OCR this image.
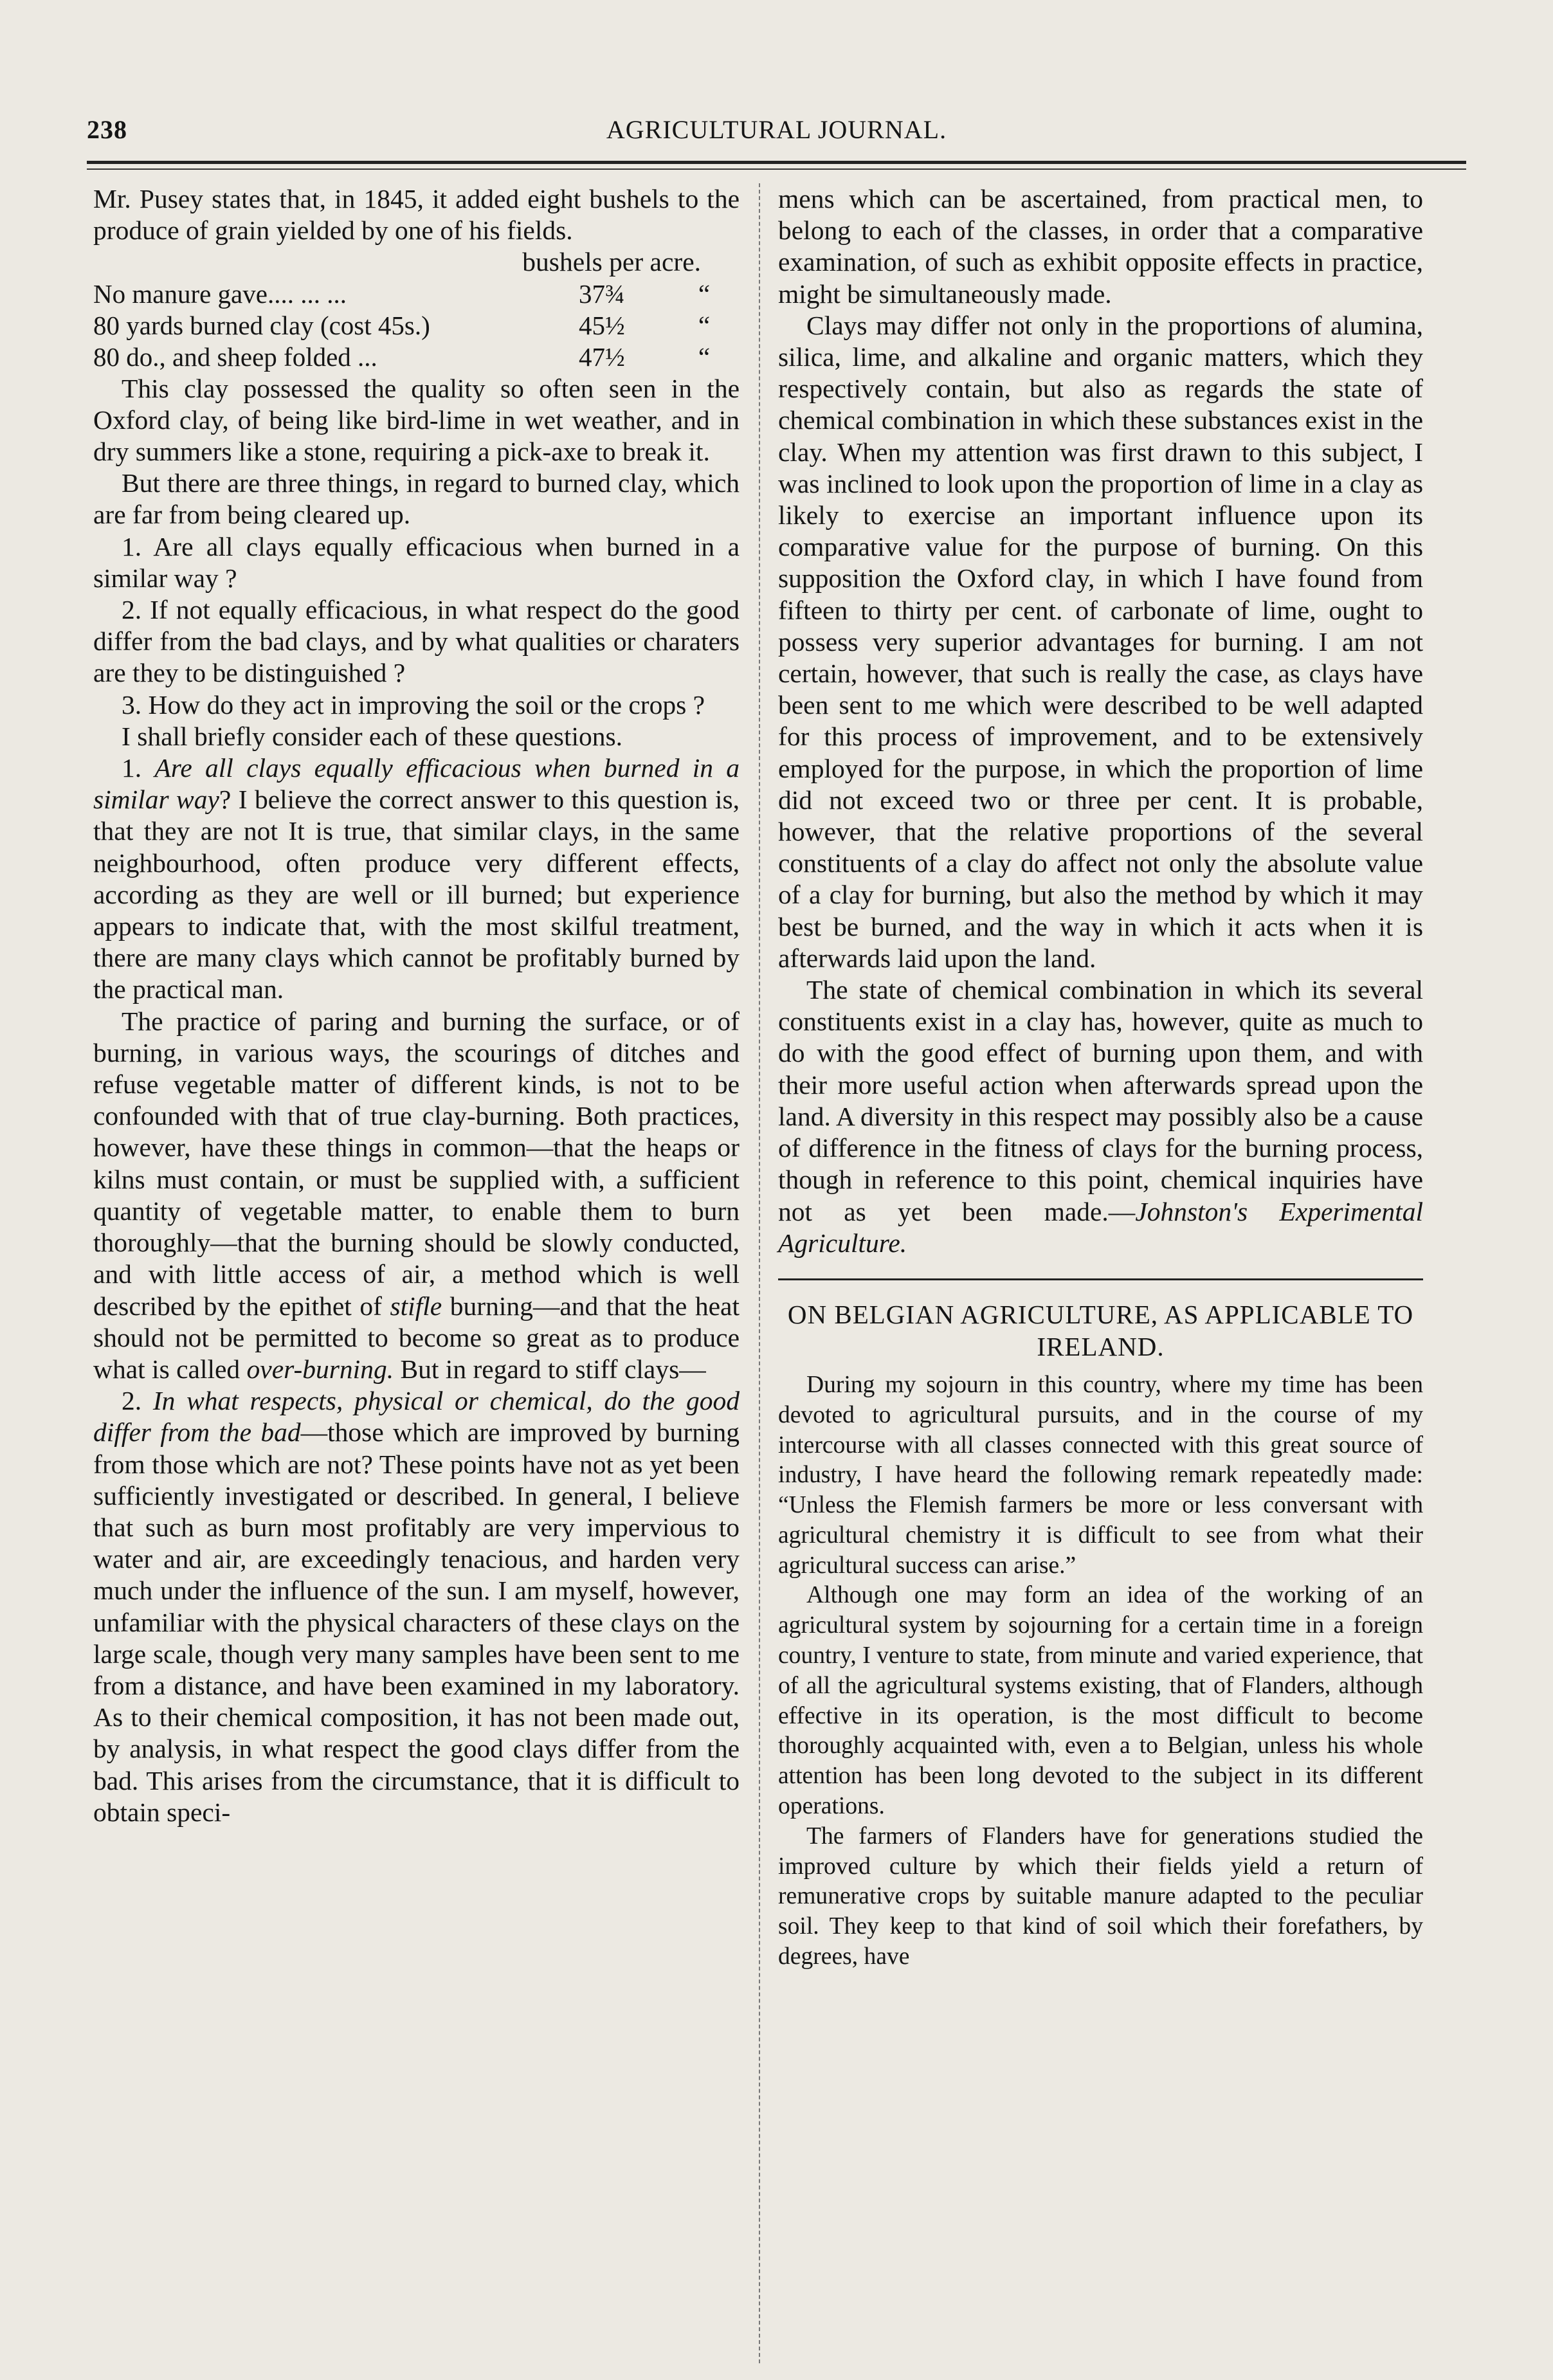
238	AGRICULTURAL JOURNAL.

Mr. Pusey states that, in 1845, it added eight bushels to the produce of grain yielded by one of his fields.

bushels per acre.
No manure gave.... ... ...	37¾	“
80 yards burned clay (cost 45s.)	45½	“
80 do., and sheep folded ...	47½	“

This clay possessed the quality so often seen in the Oxford clay, of being like bird-lime in wet weather, and in dry summers like a stone, requiring a pick-axe to break it.

But there are three things, in regard to burned clay, which are far from being cleared up.

1. Are all clays equally efficacious when burned in a similar way ?

2. If not equally efficacious, in what respect do the good differ from the bad clays, and by what qualities or charaters are they to be distinguished ?

3. How do they act in improving the soil or the crops ?

I shall briefly consider each of these questions.

1. Are all clays equally efficacious when burned in a similar way? I believe the correct answer to this question is, that they are not It is true, that similar clays, in the same neighbourhood, often produce very different effects, according as they are well or ill burned; but experience appears to indicate that, with the most skilful treatment, there are many clays which cannot be profitably burned by the practical man.

The practice of paring and burning the surface, or of burning, in various ways, the scourings of ditches and refuse vegetable matter of different kinds, is not to be confounded with that of true clay-burning. Both practices, however, have these things in common—that the heaps or kilns must contain, or must be supplied with, a sufficient quantity of vegetable matter, to enable them to burn thoroughly—that the burning should be slowly conducted, and with little access of air, a method which is well described by the epithet of stifle burning—and that the heat should not be permitted to become so great as to produce what is called over-burning. But in regard to stiff clays—

2. In what respects, physical or chemical, do the good differ from the bad—those which are improved by burning from those which are not? These points have not as yet been sufficiently investigated or described. In general, I believe that such as burn most profitably are very impervious to water and air, are exceedingly tenacious, and harden very much under the influence of the sun. I am myself, however, unfamiliar with the physical characters of these clays on the large scale, though very many samples have been sent to me from a distance, and have been examined in my laboratory. As to their chemical composition, it has not been made out, by analysis, in what respect the good clays differ from the bad. This arises from the circumstance, that it is difficult to obtain speci-

mens which can be ascertained, from practical men, to belong to each of the classes, in order that a comparative examination, of such as exhibit opposite effects in practice, might be simultaneously made.

Clays may differ not only in the proportions of alumina, silica, lime, and alkaline and organic matters, which they respectively contain, but also as regards the state of chemical combination in which these substances exist in the clay. When my attention was first drawn to this subject, I was inclined to look upon the proportion of lime in a clay as likely to exercise an important influence upon its comparative value for the purpose of burning. On this supposition the Oxford clay, in which I have found from fifteen to thirty per cent. of carbonate of lime, ought to possess very superior advantages for burning. I am not certain, however, that such is really the case, as clays have been sent to me which were described to be well adapted for this process of improvement, and to be extensively employed for the purpose, in which the proportion of lime did not exceed two or three per cent. It is probable, however, that the relative proportions of the several constituents of a clay do affect not only the absolute value of a clay for burning, but also the method by which it may best be burned, and the way in which it acts when it is afterwards laid upon the land.

The state of chemical combination in which its several constituents exist in a clay has, however, quite as much to do with the good effect of burning upon them, and with their more useful action when afterwards spread upon the land. A diversity in this respect may possibly also be a cause of difference in the fitness of clays for the burning process, though in reference to this point, chemical inquiries have not as yet been made.—Johnston's Experimental Agriculture.

ON BELGIAN AGRICULTURE, AS APPLICABLE TO IRELAND.

During my sojourn in this country, where my time has been devoted to agricultural pursuits, and in the course of my intercourse with all classes connected with this great source of industry, I have heard the following remark repeatedly made: “Unless the Flemish farmers be more or less conversant with agricultural chemistry it is difficult to see from what their agricultural success can arise.”

Although one may form an idea of the working of an agricultural system by sojourning for a certain time in a foreign country, I venture to state, from minute and varied experience, that of all the agricultural systems existing, that of Flanders, although effective in its operation, is the most difficult to become thoroughly acquainted with, even a to Belgian, unless his whole attention has been long devoted to the subject in its different operations.

The farmers of Flanders have for generations studied the improved culture by which their fields yield a return of remunerative crops by suitable manure adapted to the peculiar soil. They keep to that kind of soil which their forefathers, by degrees, have
